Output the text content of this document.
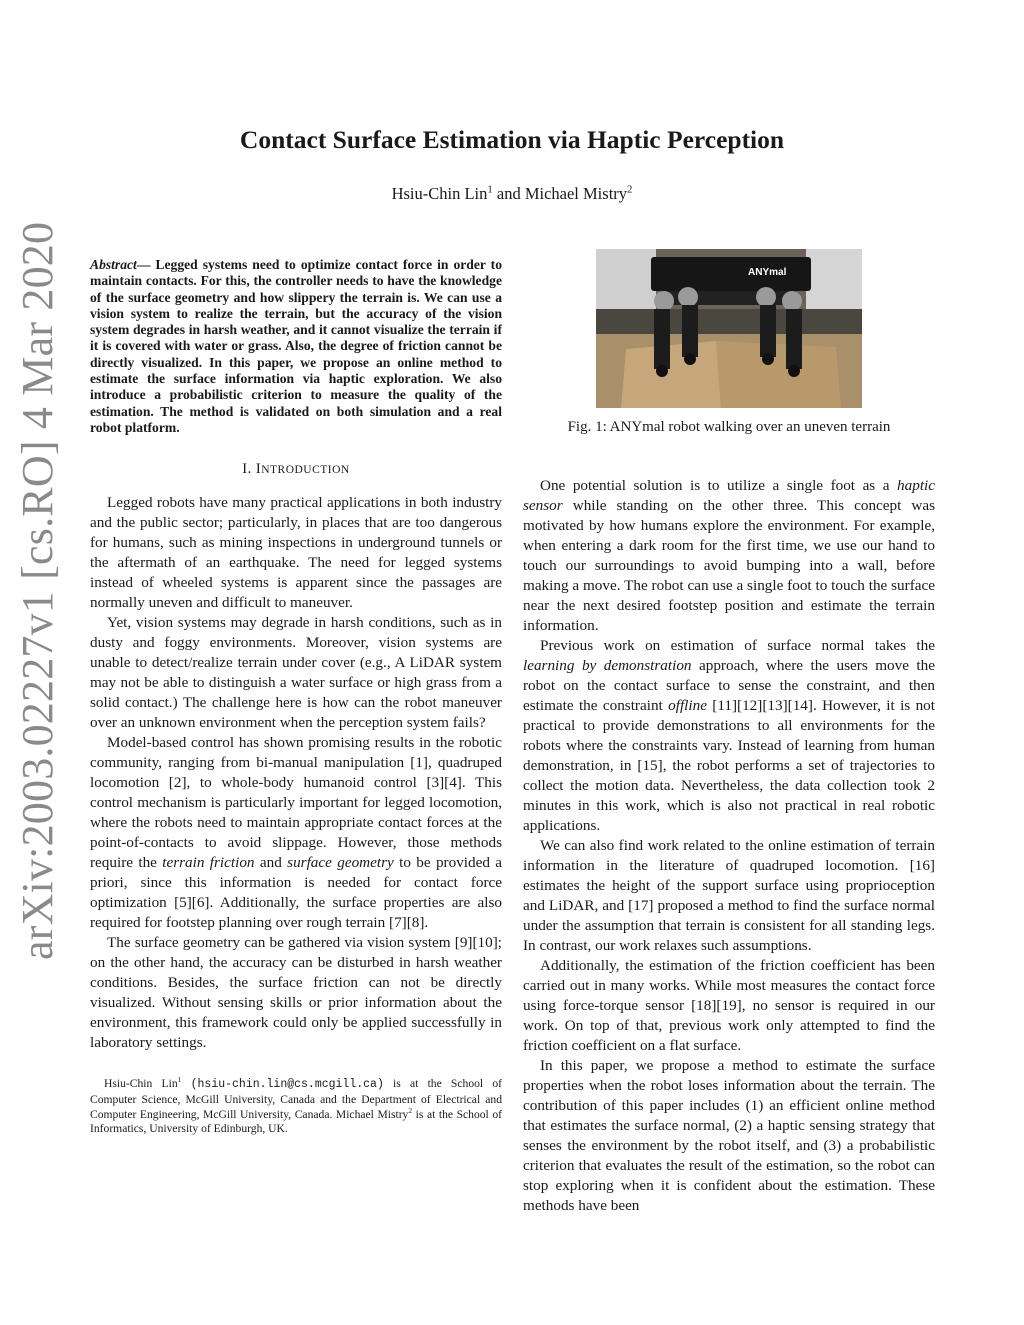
arXiv:2003.02227v1 [cs.RO] 4 Mar 2020
Contact Surface Estimation via Haptic Perception
Hsiu-Chin Lin$^1$ and Michael Mistry$^2$

Abstract— Legged systems need to optimize contact force in order to maintain contacts. For this, the controller needs to have the knowledge of the surface geometry and how slippery the terrain is. We can use a vision system to realize the terrain, but the accuracy of the vision system degrades in harsh weather, and it cannot visualize the terrain if it is covered with water or grass. Also, the degree of friction cannot be directly visualized. In this paper, we propose an online method to estimate the surface information via haptic exploration. We also introduce a probabilistic criterion to measure the quality of the estimation. The method is validated on both simulation and a real robot platform.

I. INTRODUCTION

Legged robots have many practical applications in both industry and the public sector; particularly, in places that are too dangerous for humans, such as mining inspections in underground tunnels or the aftermath of an earthquake. The need for legged systems instead of wheeled systems is apparent since the passages are normally uneven and difficult to maneuver.

Yet, vision systems may degrade in harsh conditions, such as in dusty and foggy environments. Moreover, vision systems are unable to detect/realize terrain under cover (e.g., A LiDAR system may not be able to distinguish a water surface or high grass from a solid contact.) The challenge here is how can the robot maneuver over an unknown environment when the perception system fails?

Model-based control has shown promising results in the robotic community, ranging from bi-manual manipulation [1], quadruped locomotion [2], to whole-body humanoid control [3][4]. This control mechanism is particularly important for legged locomotion, where the robots need to maintain appropriate contact forces at the point-of-contacts to avoid slippage. However, those methods require the terrain friction and surface geometry to be provided a priori, since this information is needed for contact force optimization [5][6]. Additionally, the surface properties are also required for footstep planning over rough terrain [7][8].

The surface geometry can be gathered via vision system [9][10]; on the other hand, the accuracy can be disturbed in harsh weather conditions. Besides, the surface friction can not be directly visualized. Without sensing skills or prior information about the environment, this framework could only be applied successfully in laboratory settings.

Hsiu-Chin Lin$^1$ (hsiu-chin.lin@cs.mcgill.ca) is at the School of Computer Science, McGill University, Canada and the Department of Electrical and Computer Engineering, McGill University, Canada. Michael Mistry$^2$ is at the School of Informatics, University of Edinburgh, UK.

ANYmal
Fig. 1: ANYmal robot walking over an uneven terrain

One potential solution is to utilize a single foot as a haptic sensor while standing on the other three. This concept was motivated by how humans explore the environment. For example, when entering a dark room for the first time, we use our hand to touch our surroundings to avoid bumping into a wall, before making a move. The robot can use a single foot to touch the surface near the next desired footstep position and estimate the terrain information.

Previous work on estimation of surface normal takes the learning by demonstration approach, where the users move the robot on the contact surface to sense the constraint, and then estimate the constraint offline [11][12][13][14]. However, it is not practical to provide demonstrations to all environments for the robots where the constraints vary. Instead of learning from human demonstration, in [15], the robot performs a set of trajectories to collect the motion data. Nevertheless, the data collection took 2 minutes in this work, which is also not practical in real robotic applications.

We can also find work related to the online estimation of terrain information in the literature of quadruped locomotion. [16] estimates the height of the support surface using proprioception and LiDAR, and [17] proposed a method to find the surface normal under the assumption that terrain is consistent for all standing legs. In contrast, our work relaxes such assumptions.

Additionally, the estimation of the friction coefficient has been carried out in many works. While most measures the contact force using force-torque sensor [18][19], no sensor is required in our work. On top of that, previous work only attempted to find the friction coefficient on a flat surface.

In this paper, we propose a method to estimate the surface properties when the robot loses information about the terrain. The contribution of this paper includes (1) an efficient online method that estimates the surface normal, (2) a haptic sensing strategy that senses the environment by the robot itself, and (3) a probabilistic criterion that evaluates the result of the estimation, so the robot can stop exploring when it is confident about the estimation. These methods have been
